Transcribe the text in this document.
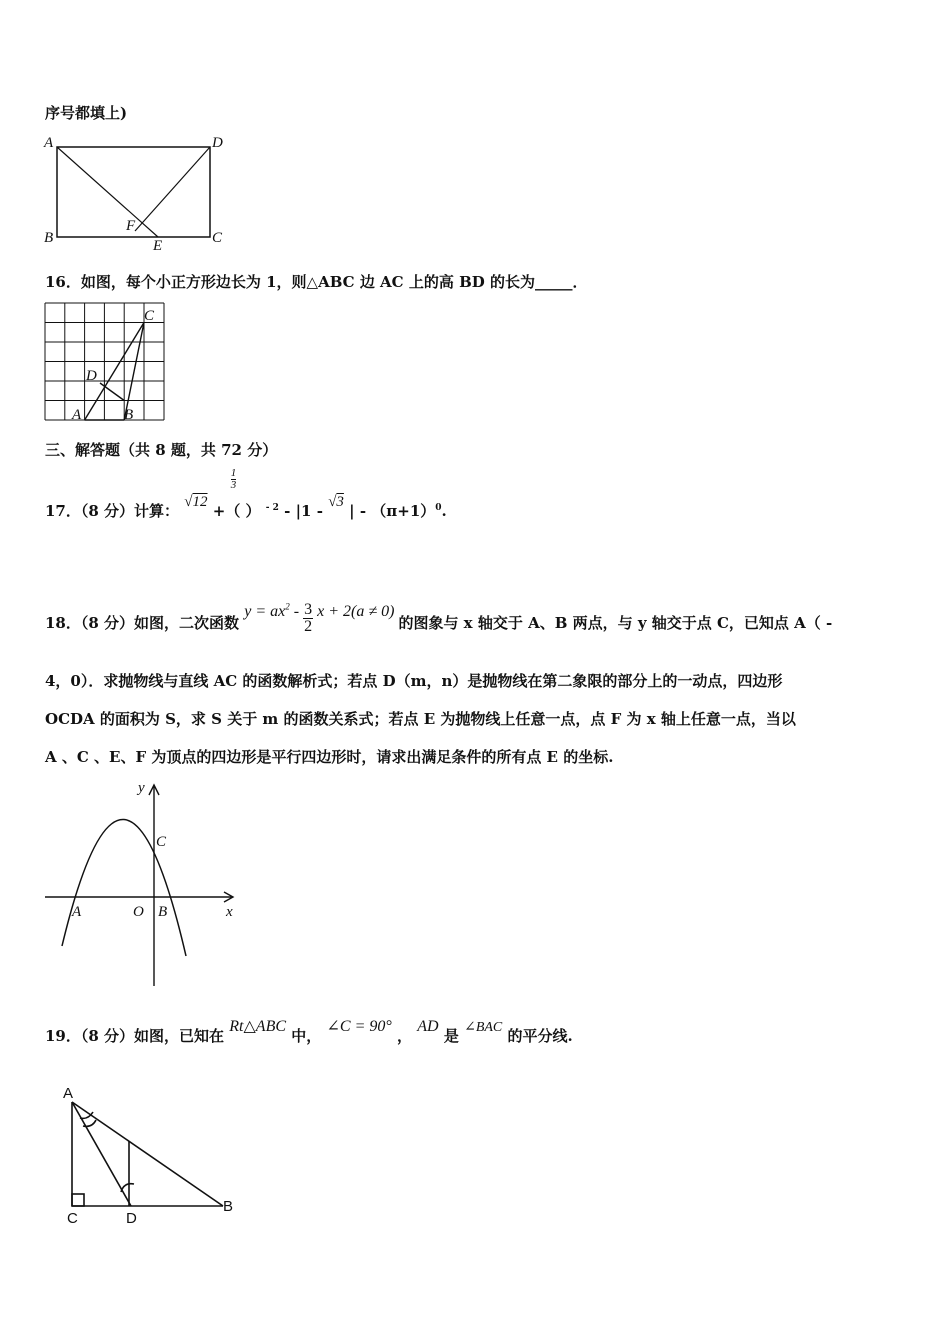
序号都填上)
A	D
B
F
E	C
16．如图，每个小正方形边长为 1，则△ABC 边 AC 上的高 BD 的长为_____．
C
D
A	B
三、解答题（共 8 题，共 72 分）
17．（8 分）计算： √12
1
3
+（ ） $^{- 2}$ - |1 - √3 | - $(\pi+1)^0$.
18．（8 分）如图，二次函数 $y = ax^2 - \frac{3}{2}$ x + 2(a ≠ 0) 的图象与 x 轴交于 A、B 两点，与 y 轴交于点 C，已知点 A（ -
4，0）．求抛物线与直线 AC 的函数解析式；若点 D（m，n）是抛物线在第二象限的部分上的一动点，四边形
OCDA 的面积为 S，求 S 关于 m 的函数关系式；若点 E 为抛物线上任意一点，点 F 为 x 轴上任意一点，当以
A 、C 、E、F 为顶点的四边形是平行四边形时，请求出满足条件的所有点 E 的坐标.
y
C
A	O B	x
19．（8 分）如图，已知在 Rt△ABC 中， ∠C = 90° ， AD 是 ∠BAC 的平分线.
A
C	D
B
